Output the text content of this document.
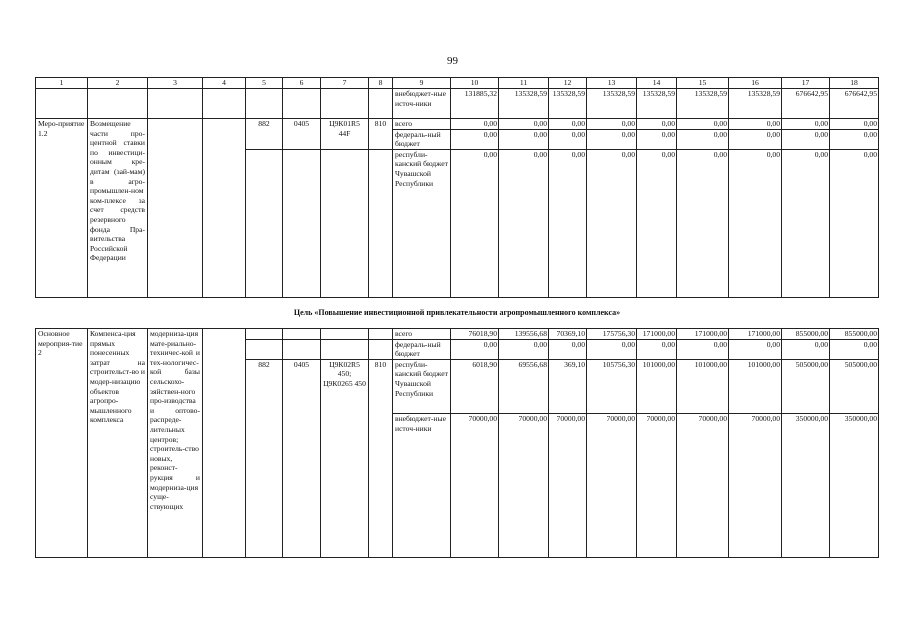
99
1	2	3	4	5	6	7	8	9	10	11	12	13	14	15	16	17	18
								внебюджет-ные источ-ники	131885,32	135328,59	135328,59	135328,59	135328,59	135328,59	135328,59	676642,95	676642,95
Меро-приятие 1.2	Возмещение части про-центной ставки по инвестици-онным кре-дитам (зай-мам) в агро-промышлен-ном ком-плексе за счет средств резервного фонда Пра-вительства Российской Федерации			882	0405	Ц9К01R5 44F	810	всего	0,00	0,00	0,00	0,00	0,00	0,00	0,00	0,00	0,00
								федераль-ный бюджет	0,00	0,00	0,00	0,00	0,00	0,00	0,00	0,00	0,00
								республи-канский бюджет Чувашской Республики	0,00	0,00	0,00	0,00	0,00	0,00	0,00	0,00	0,00
Цель «Повышение инвестиционной привлекательности агропромышленного комплекса»																	
Основное мероприя-тие 2	Компенса-ция прямых понесенных затрат на строительст-во и модер-низацию объектов агропро-мышленного комплекса	модерниза-ция мате-риально-техничес-кой и тех-нологичес-кой базы сельскохо-зяйствен-ного про-изводства и оптово-распреде-лительных центров; строитель-ство новых, реконст-рукция и модерниза-ция суще-ствующих						всего	76018,90	139556,68	70369,10	175756,30	171000,00	171000,00	171000,00	855000,00	855000,00
								федераль-ный бюджет	0,00	0,00	0,00	0,00	0,00	0,00	0,00	0,00	0,00
				882	0405	Ц9К02R5 450; Ц9К0265 450	810	республи-канский бюджет Чувашской Республики	6018,90	69556,68	369,10	105756,30	101000,00	101000,00	101000,00	505000,00	505000,00
								внебюджет-ные источ-ники	70000,00	70000,00	70000,00	70000,00	70000,00	70000,00	70000,00	350000,00	350000,00
